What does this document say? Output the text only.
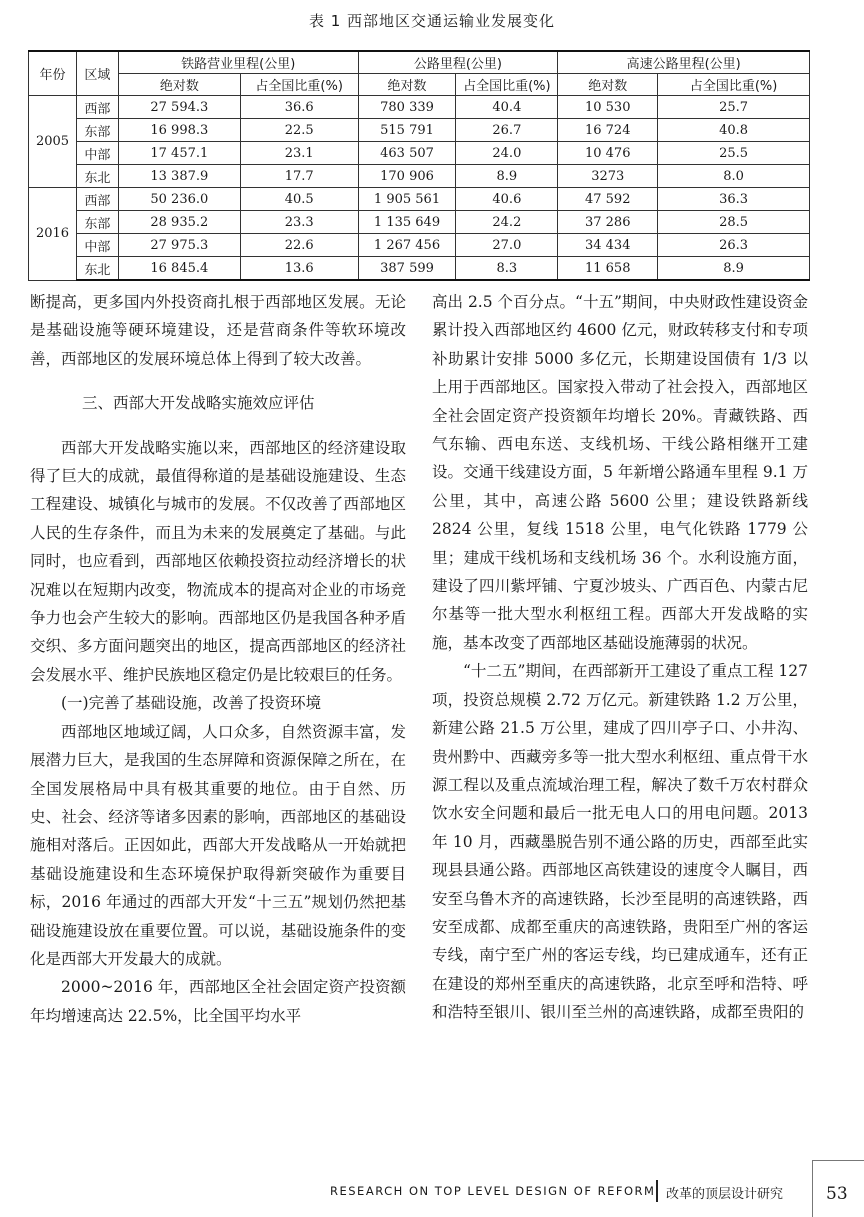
表 1 西部地区交通运输业发展变化
年份	区域	铁路营业里程(公里)		公路里程(公里)		高速公路里程(公里)	
		绝对数	占全国比重(%)	绝对数	占全国比重(%)	绝对数	占全国比重(%)
2005	西部	27 594.3	36.6	780 339	40.4	10 530	25.7
	东部	16 998.3	22.5	515 791	26.7	16 724	40.8
	中部	17 457.1	23.1	463 507	24.0	10 476	25.5
	东北	13 387.9	17.7	170 906	8.9	3273	8.0
2016	西部	50 236.0	40.5	1 905 561	40.6	47 592	36.3
	东部	28 935.2	23.3	1 135 649	24.2	37 286	28.5
	中部	27 975.3	22.6	1 267 456	27.0	34 434	26.3
	东北	16 845.4	13.6	387 599	8.3	11 658	8.9

断提高，更多国内外投资商扎根于西部地区发展。无论是基础设施等硬环境建设，还是营商条件等软环境改善，西部地区的发展环境总体上得到了较大改善。

三、西部大开发战略实施效应评估

西部大开发战略实施以来，西部地区的经济建设取得了巨大的成就，最值得称道的是基础设施建设、生态工程建设、城镇化与城市的发展。不仅改善了西部地区人民的生存条件，而且为未来的发展奠定了基础。与此同时，也应看到，西部地区依赖投资拉动经济增长的状况难以在短期内改变，物流成本的提高对企业的市场竞争力也会产生较大的影响。西部地区仍是我国各种矛盾交织、多方面问题突出的地区，提高西部地区的经济社会发展水平、维护民族地区稳定仍是比较艰巨的任务。

(一)完善了基础设施，改善了投资环境

西部地区地域辽阔，人口众多，自然资源丰富，发展潜力巨大，是我国的生态屏障和资源保障之所在，在全国发展格局中具有极其重要的地位。由于自然、历史、社会、经济等诸多因素的影响，西部地区的基础设施相对落后。正因如此，西部大开发战略从一开始就把基础设施建设和生态环境保护取得新突破作为重要目标，2016 年通过的西部大开发“十三五”规划仍然把基础设施建设放在重要位置。可以说，基础设施条件的变化是西部大开发最大的成就。

2000~2016 年，西部地区全社会固定资产投资额年均增速高达 22.5%，比全国平均水平

高出 2.5 个百分点。“十五”期间，中央财政性建设资金累计投入西部地区约 4600 亿元，财政转移支付和专项补助累计安排 5000 多亿元，长期建设国债有 1/3 以上用于西部地区。国家投入带动了社会投入，西部地区全社会固定资产投资额年均增长 20%。青藏铁路、西气东输、西电东送、支线机场、干线公路相继开工建设。交通干线建设方面，5 年新增公路通车里程 9.1 万公里，其中，高速公路 5600 公里；建设铁路新线 2824 公里，复线 1518 公里，电气化铁路 1779 公里；建成干线机场和支线机场 36 个。水利设施方面，建设了四川紫坪铺、宁夏沙坡头、广西百色、内蒙古尼尔基等一批大型水利枢纽工程。西部大开发战略的实施，基本改变了西部地区基础设施薄弱的状况。

“十二五”期间，在西部新开工建设了重点工程 127 项，投资总规模 2.72 万亿元。新建铁路 1.2 万公里，新建公路 21.5 万公里，建成了四川亭子口、小井沟、贵州黔中、西藏旁多等一批大型水利枢纽、重点骨干水源工程以及重点流域治理工程，解决了数千万农村群众饮水安全问题和最后一批无电人口的用电问题。2013 年 10 月，西藏墨脱告别不通公路的历史，西部至此实现县县通公路。西部地区高铁建设的速度令人瞩目，西安至乌鲁木齐的高速铁路，长沙至昆明的高速铁路，西安至成都、成都至重庆的高速铁路，贵阳至广州的客运专线，南宁至广州的客运专线，均已建成通车，还有正在建设的郑州至重庆的高速铁路，北京至呼和浩特、呼和浩特至银川、银川至兰州的高速铁路，成都至贵阳的

RESEARCH ON TOP LEVEL DESIGN OF REFORM 改革的顶层设计研究	53
